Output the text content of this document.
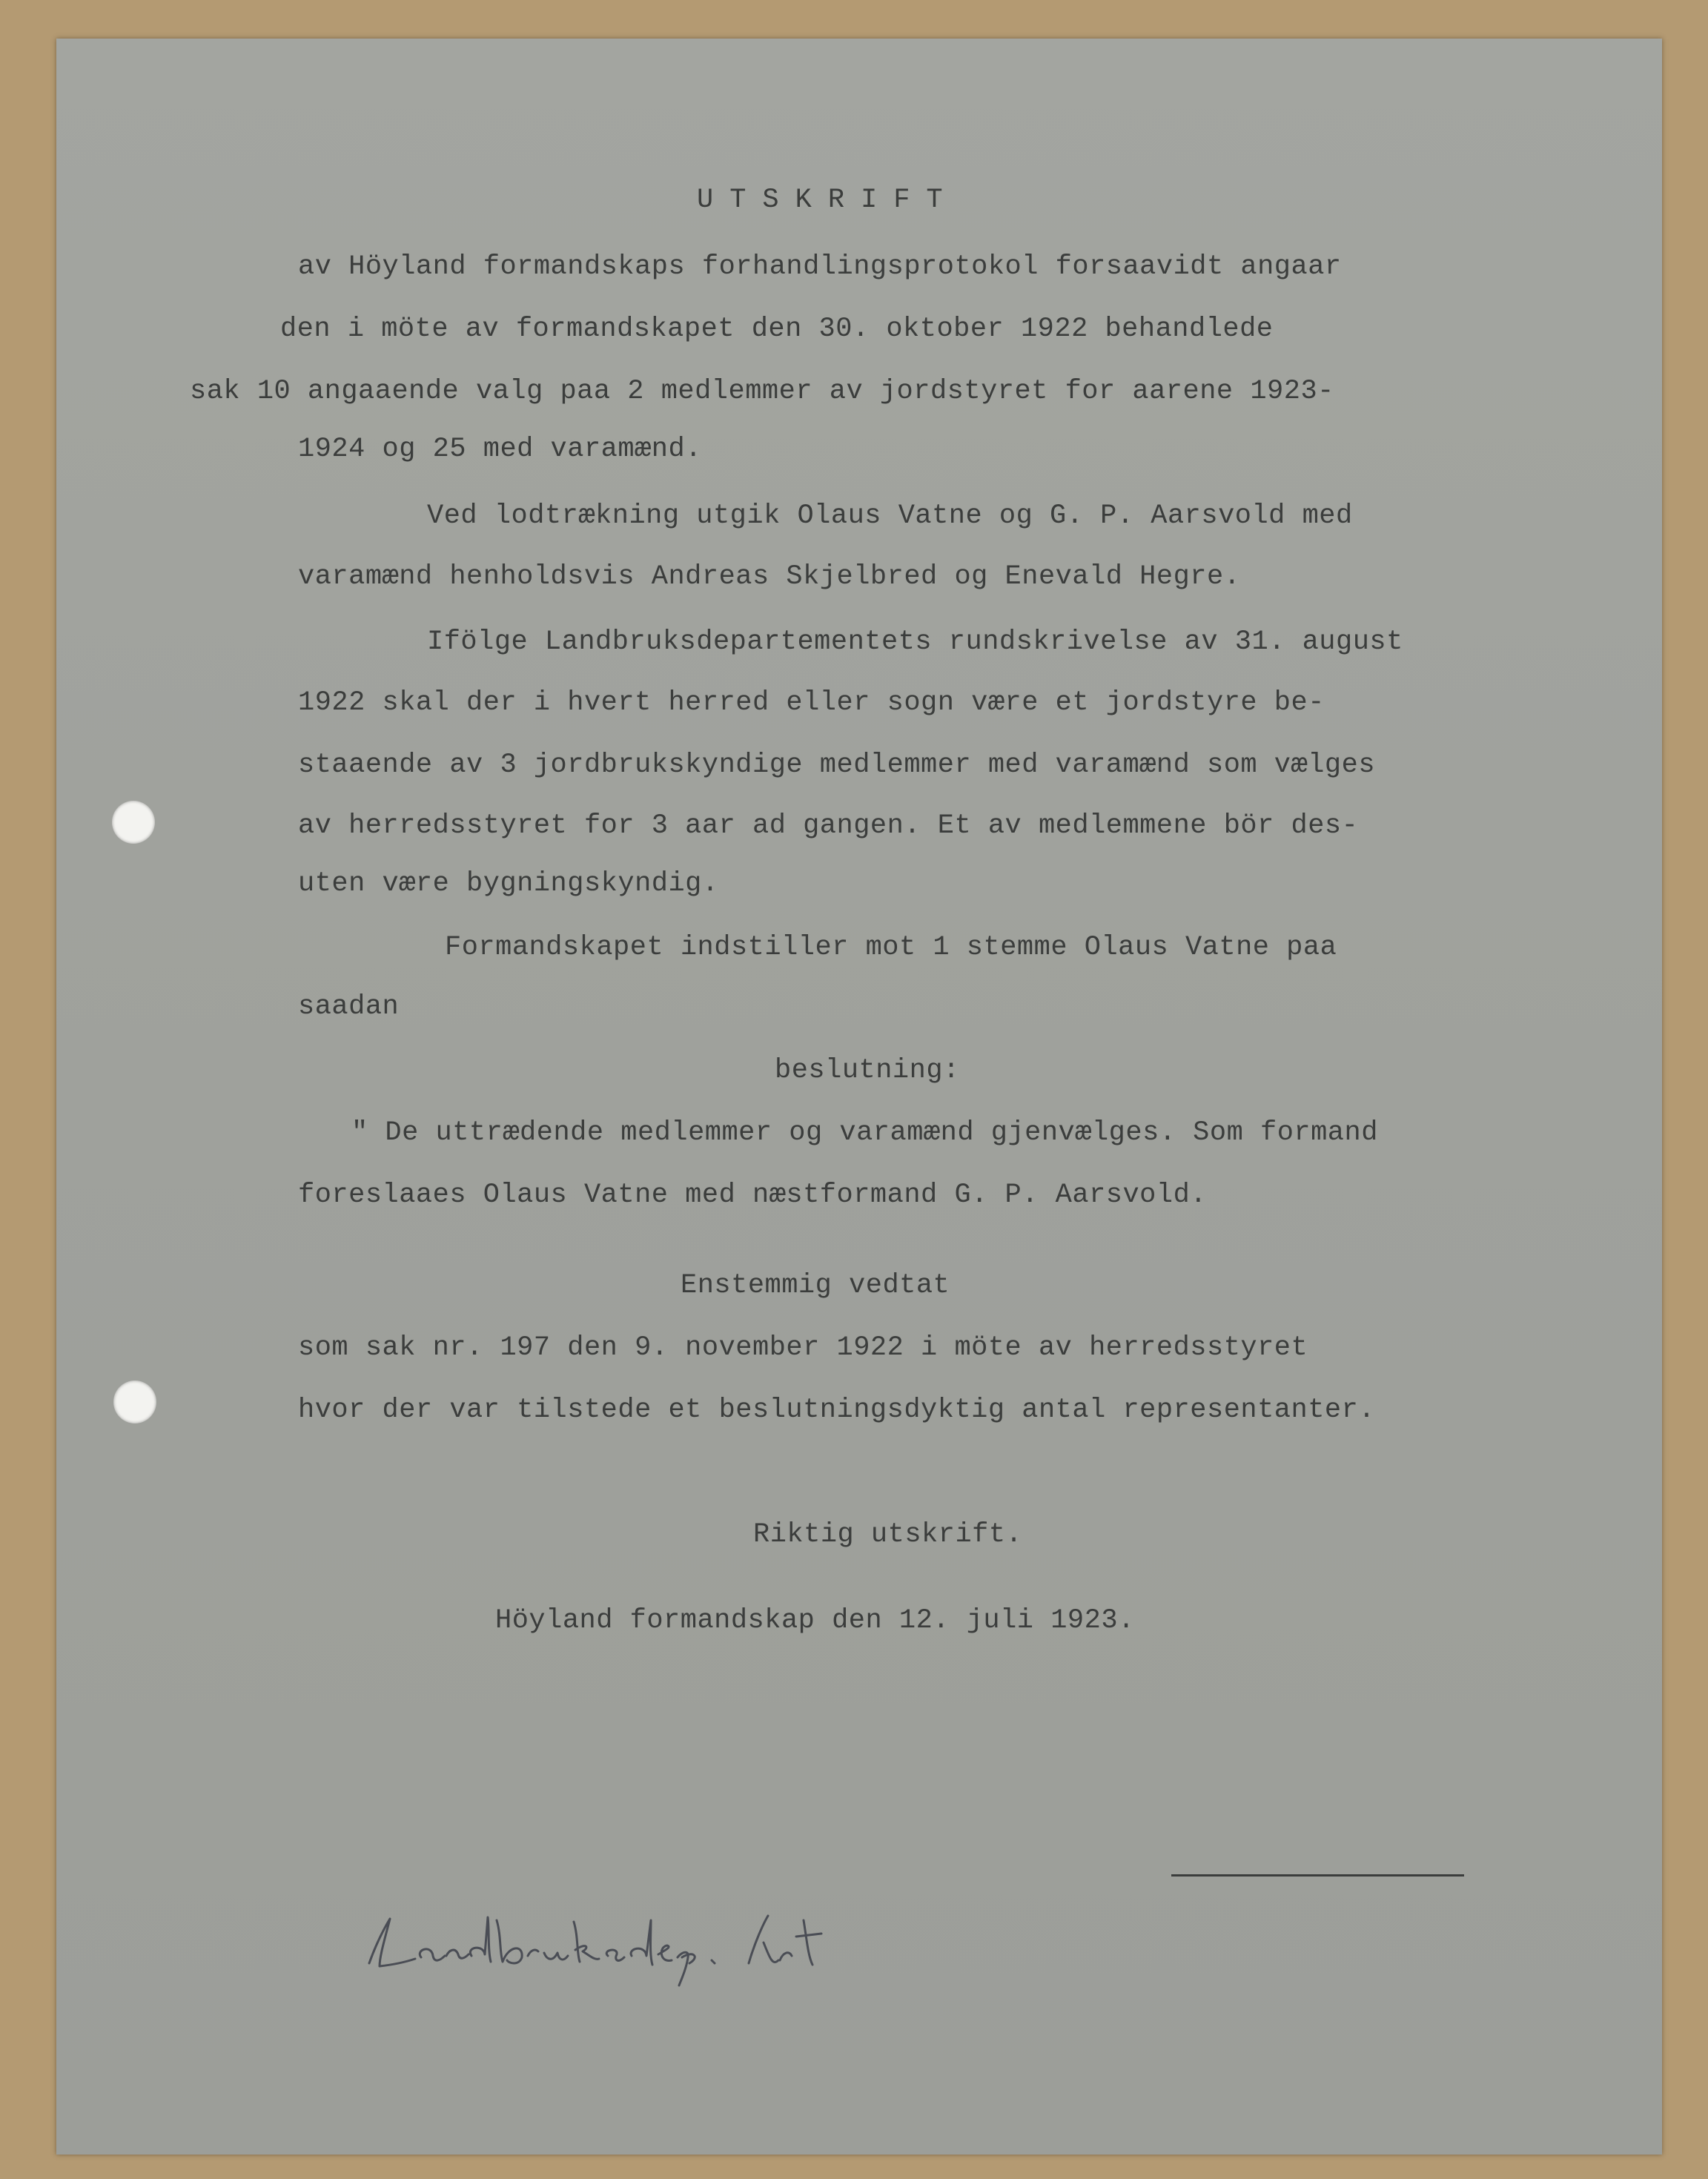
UTSKRIFT

av Höyland formandskaps forhandlingsprotokol forsaavidt angaar

den i möte av formandskapet den 30. oktober 1922 behandlede

sak 10 angaaende valg paa 2 medlemmer av jordstyret for aarene 1923-

1924 og 25 med varamænd.

Ved lodtrækning utgik Olaus Vatne og G. P. Aarsvold med

varamænd henholdsvis Andreas Skjelbred og Enevald Hegre.

Ifölge Landbruksdepartementets rundskrivelse av 31. august

1922 skal der i hvert herred eller sogn være et jordstyre be-

staaende av 3 jordbrukskyndige medlemmer med varamænd som vælges

av herredsstyret for 3 aar ad gangen. Et av medlemmene bör des-

uten være bygningskyndig.

Formandskapet indstiller mot 1 stemme Olaus Vatne paa

saadan

beslutning:

" De uttrædende medlemmer og varamænd gjenvælges. Som formand

foreslaaes Olaus Vatne med næstformand G. P. Aarsvold.

Enstemmig vedtat

som sak nr. 197 den 9. november 1922 i möte av herredsstyret

hvor der var tilstede et beslutningsdyktig antal representanter.

Riktig utskrift.

Höyland formandskap den 12. juli 1923.
